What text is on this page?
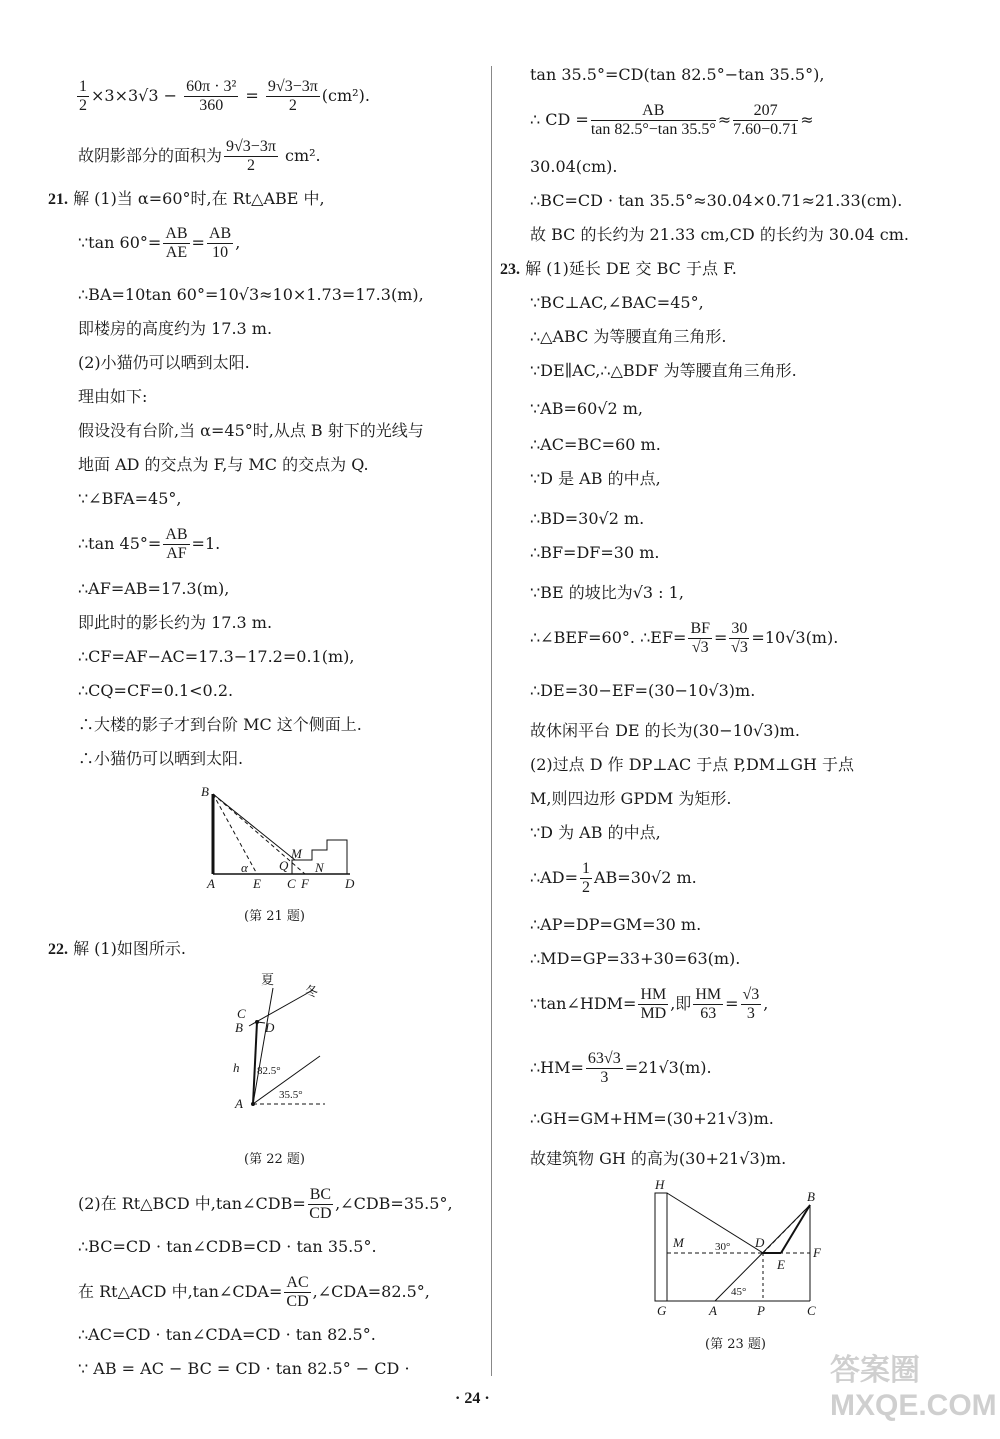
$\frac{1}{2} \times 3\times 3√3 - \frac{\text{60π · 3²}}{360} = \frac{9√3-3\pi}{2} (cm^2)$.
故阴影部分的面积为 $\frac{9√3-3\pi}{2} cm^2$.
21. 解 (1)当 α=60°时,在 Rt△ABE 中,
∵tan $60^\circ= \frac{AB}{AE} = \frac{AB}{10}$ ,
∴BA=10tan 60°=10√3≈10×1.73=17.3(m),
即楼房的高度约为 17.3 m.
(2)小猫仍可以晒到太阳.
理由如下:
假设没有台阶,当 α=45°时,从点 B 射下的光线与
地面 AD 的交点为 F,与 MC 的交点为 Q.
∵∠BFA=45°,
∴tan $45^\circ= \frac{AB}{AF} =1$.
∴AF=AB=17.3(m),
即此时的影长约为 17.3 m.
∴CF=AF−AC=17.3−17.2=0.1(m),
∴CQ=CF=0.1<0.2.
∴大楼的影子才到台阶 MC 这个侧面上.
∴小猫仍可以晒到太阳.
B
A	E C F	D
Q
M
N
α
(第 21 题)
22. 解 (1)如图所示.
夏
冬
C
B D
h
A
82.5°
35.5°
(第 22 题)
(2)在 Rt△BCD 中,tan∠CDB= $\frac{BC}{CD}$ ,∠CDB=35.5°,
∴BC=CD · tan∠CDB=CD · tan 35.5°.
在 Rt△ACD 中,tan∠CDA= $\frac{AC}{CD}$ ,∠CDA=82.5°,
∴AC=CD · tan∠CDA=CD · tan 82.5°.
∵ AB = AC − BC = CD · tan 82.5° − CD ·
tan 35.5°=CD(tan 82.5°−tan 35.5°),
∴ CD = $\frac{AB}{\tan 82.5^\circ-\tan 35.5^\circ} \approx \frac{207}{7.60-0.71}$ ≈
30.04(cm).
∴BC=CD · tan 35.5°≈30.04×0.71≈21.33(cm).
故 BC 的长约为 21.33 cm,CD 的长约为 30.04 cm.
23. 解 (1)延长 DE 交 BC 于点 F.
∵BC⊥AC,∠BAC=45°,
∴△ABC 为等腰直角三角形.
∵DE∥AC,∴△BDF 为等腰直角三角形.
∵AB=60√2 m,
∴AC=BC=60 m.
∵D 是 AB 的中点,
∴BD=30√2 m.
∴BF=DF=30 m.
∵BE 的坡比为√3 : 1,
∴∠BEF=60°. ∴EF= $\frac{BF}{√3} = \frac{30}{√3} =10√3(m)$.
∴DE=30−EF=(30−10√3)m.
故休闲平台 DE 的长为(30−10√3)m.
(2)过点 D 作 DP⊥AC 于点 P,DM⊥GH 于点
M,则四边形 GPDM 为矩形.
∵D 为 AB 的中点,
∴AD= $\frac{1}{2} AB=30√2$ m.
∴AP=DP=GM=30 m.
∴MD=GP=33+30=63(m).
∵tan∠HDM= $\frac{HM}{MD}$ ,即 $\frac{HM}{63} = \frac{√3}{3}$ ,
∴HM= $\frac{63√3}{3} =21√3(m)$.
∴GH=GM+HM=(30+21√3)m.
故建筑物 GH 的高为(30+21√3)m.
H
B
M	D
F
E
G	A	P	C
30°
45°
(第 23 题)
· 24 ·
答案圈 MXQE.COM
